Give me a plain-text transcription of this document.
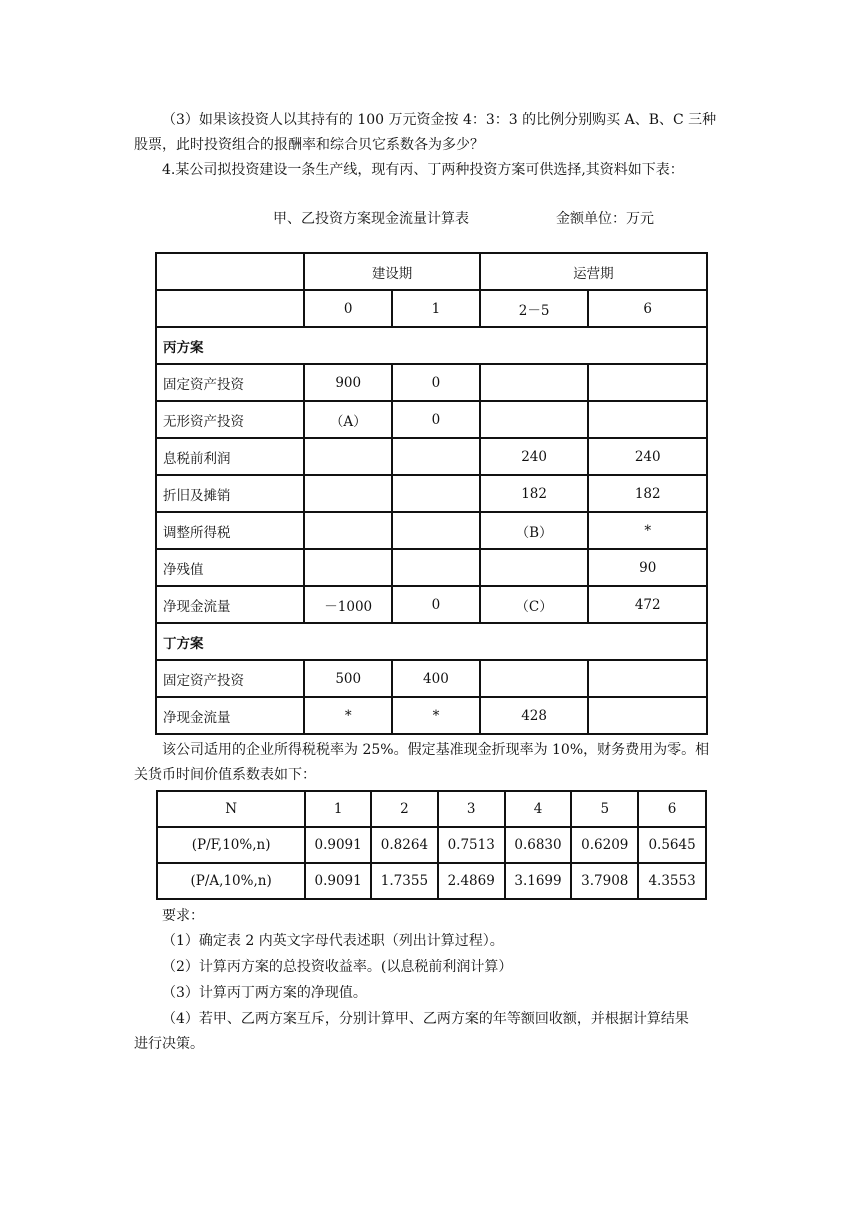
（3）如果该投资人以其持有的 100 万元资金按 4：3：3 的比例分别购买 A、B、C 三种

股票，此时投资组合的报酬率和综合贝它系数各为多少？

4.某公司拟投资建设一条生产线，现有丙、丁两种投资方案可供选择,其资料如下表：

甲、乙投资方案现金流量计算表	金额单位：万元
	建设期		运营期	
	0	1	2－5	6
丙方案				
固定资产投资	900	0		
无形资产投资	（A）	0		
息税前利润			240	240
折旧及摊销			182	182
调整所得税			（B）	*
净残值				90
净现金流量	－1000	0	（C）	472
丁方案				
固定资产投资	500	400		
净现金流量	*	*	428	

该公司适用的企业所得税税率为 25%。假定基准现金折现率为 10%，财务费用为零。相

关货币时间价值系数表如下：

N	1	2	3	4	5	6
(P/F,10%,n)	0.9091	0.8264	0.7513	0.6830	0.6209	0.5645
(P/A,10%,n)	0.9091	1.7355	2.4869	3.1699	3.7908	4.3553

要求：

（1）确定表 2 内英文字母代表述职（列出计算过程）。

（2）计算丙方案的总投资收益率。(以息税前利润计算）

（3）计算丙丁两方案的净现值。

（4）若甲、乙两方案互斥，分别计算甲、乙两方案的年等额回收额，并根据计算结果

进行决策。
